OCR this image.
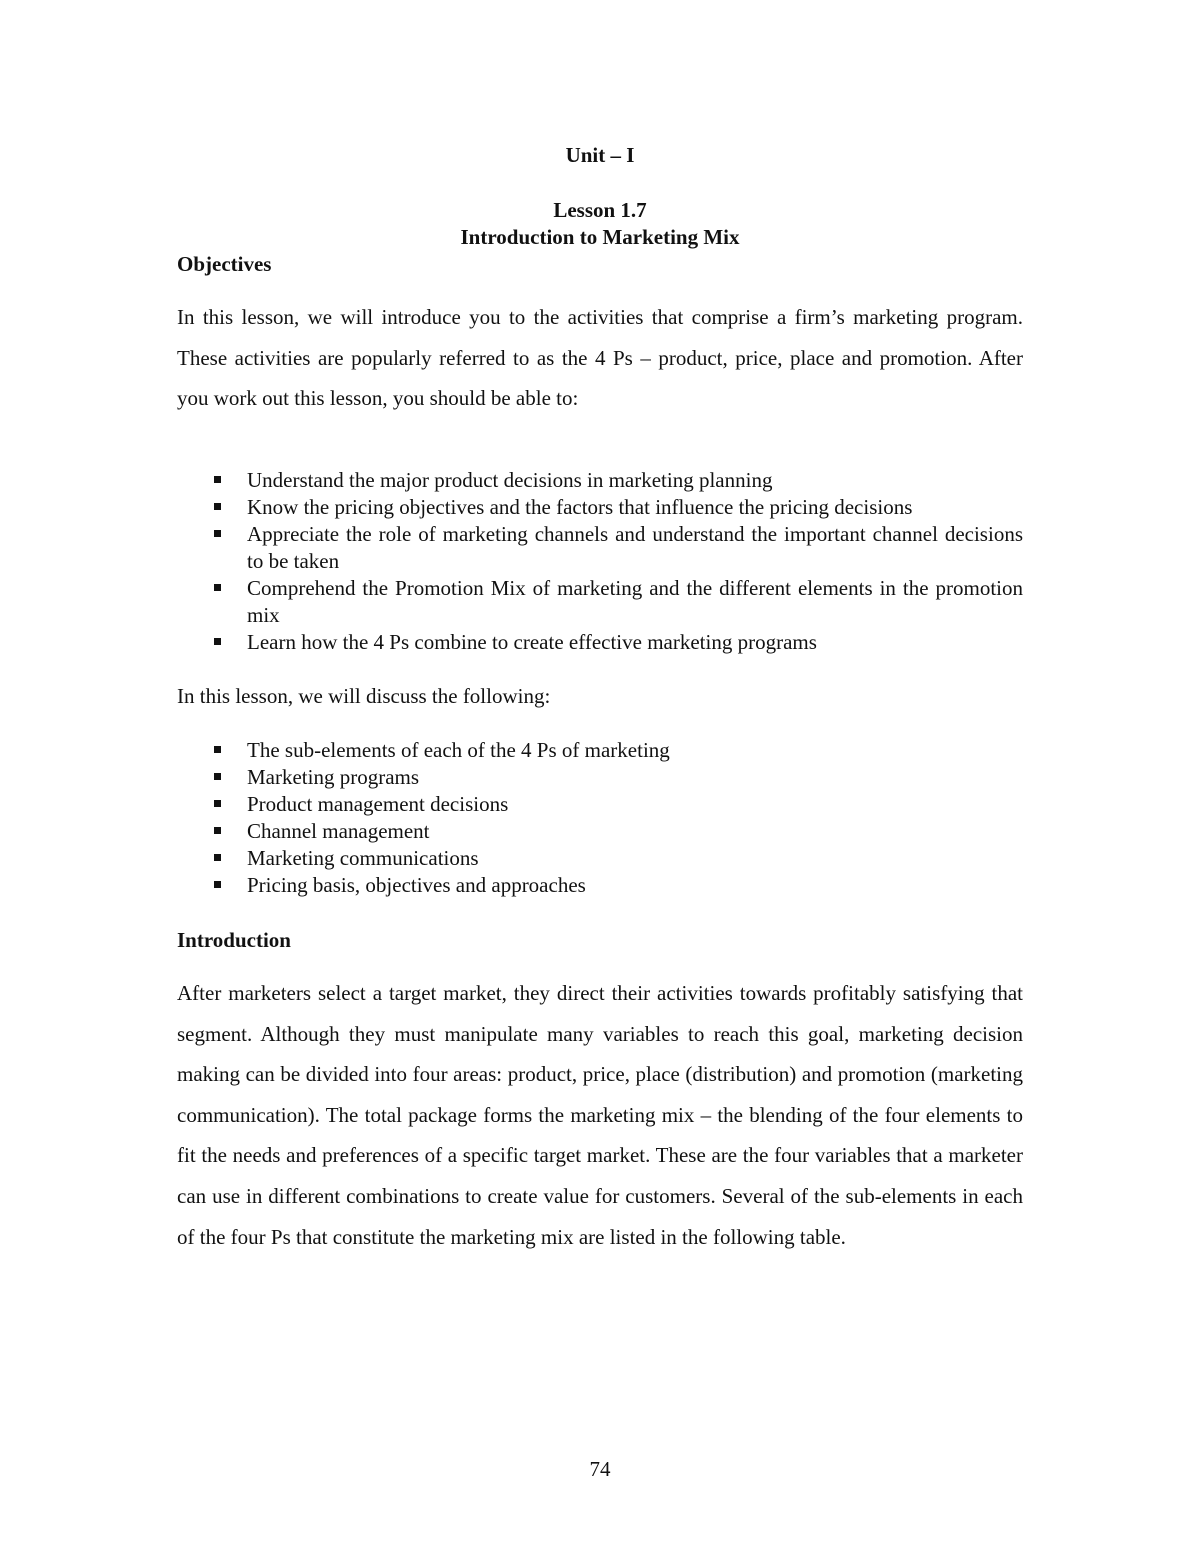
Unit – I
Lesson 1.7
Introduction to Marketing Mix
Objectives

In this lesson, we will introduce you to the activities that comprise a firm’s marketing program. These activities are popularly referred to as the 4 Ps – product, price, place and promotion. After you work out this lesson, you should be able to:

Understand the major product decisions in marketing planning
Know the pricing objectives and the factors that influence the pricing decisions
Appreciate the role of marketing channels and understand the important channel decisions to be taken
Comprehend the Promotion Mix of marketing and the different elements in the promotion mix
Learn how the 4 Ps combine to create effective marketing programs

In this lesson, we will discuss the following:

The sub-elements of each of the 4 Ps of marketing
Marketing programs
Product management decisions
Channel management
Marketing communications
Pricing basis, objectives and approaches
Introduction

After marketers select a target market, they direct their activities towards profitably satisfying that segment. Although they must manipulate many variables to reach this goal, marketing decision making can be divided into four areas: product, price, place (distribution) and promotion (marketing communication). The total package forms the marketing mix – the blending of the four elements to fit the needs and preferences of a specific target market. These are the four variables that a marketer can use in different combinations to create value for customers. Several of the sub-elements in each of the four Ps that constitute the marketing mix are listed in the following table.

74
